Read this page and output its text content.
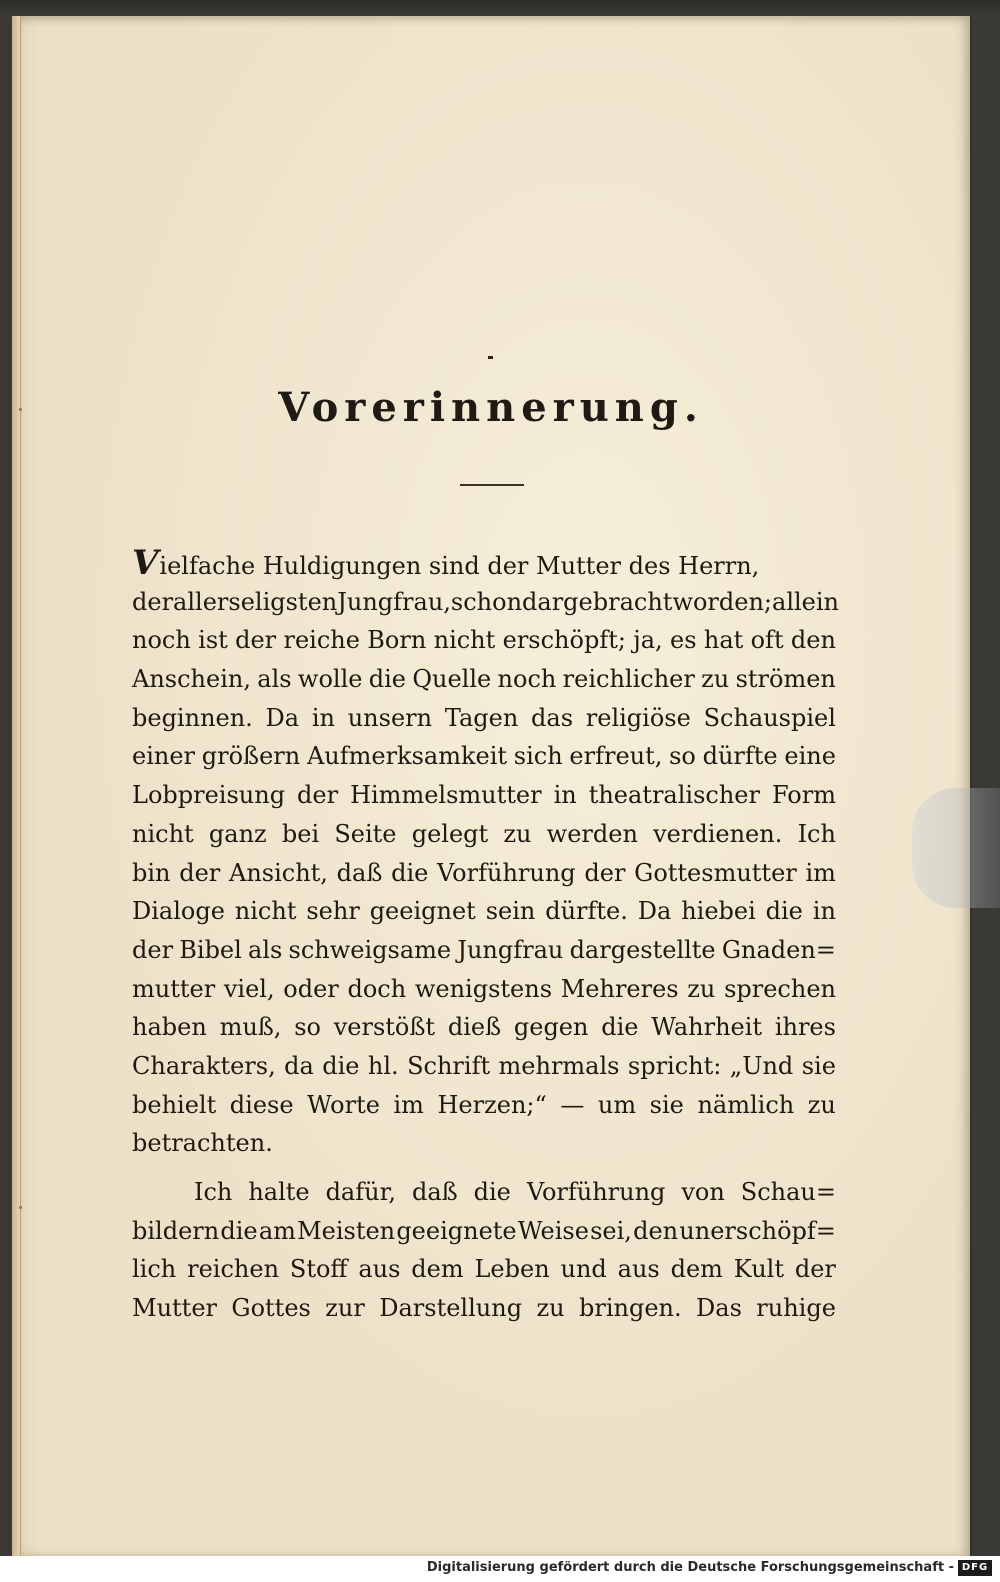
Vorerinnerung.
Vielfache Huldigungen sind der Mutter des Herrn,
der allerseligsten Jungfrau, schon dargebracht worden; allein
noch ist der reiche Born nicht erschöpft; ja, es hat oft den
Anschein, als wolle die Quelle noch reichlicher zu strömen
beginnen. Da in unsern Tagen das religiöse Schauspiel
einer größern Aufmerksamkeit sich erfreut, so dürfte eine
Lobpreisung der Himmelsmutter in theatralischer Form
nicht ganz bei Seite gelegt zu werden verdienen. Ich
bin der Ansicht, daß die Vorführung der Gottesmutter im
Dialoge nicht sehr geeignet sein dürfte. Da hiebei die in
der Bibel als schweigsame Jungfrau dargestellte Gnaden=
mutter viel, oder doch wenigstens Mehreres zu sprechen
haben muß, so verstößt dieß gegen die Wahrheit ihres
Charakters, da die hl. Schrift mehrmals spricht: „Und sie
behielt diese Worte im Herzen;“ — um sie nämlich zu
betrachten.
Ich halte dafür, daß die Vorführung von Schau=
bildern die am Meisten geeignete Weise sei, den unerschöpf=
lich reichen Stoff aus dem Leben und aus dem Kult der
Mutter Gottes zur Darstellung zu bringen. Das ruhige
Digitalisierung gefördert durch die Deutsche Forschungsgemeinschaft - DFG
